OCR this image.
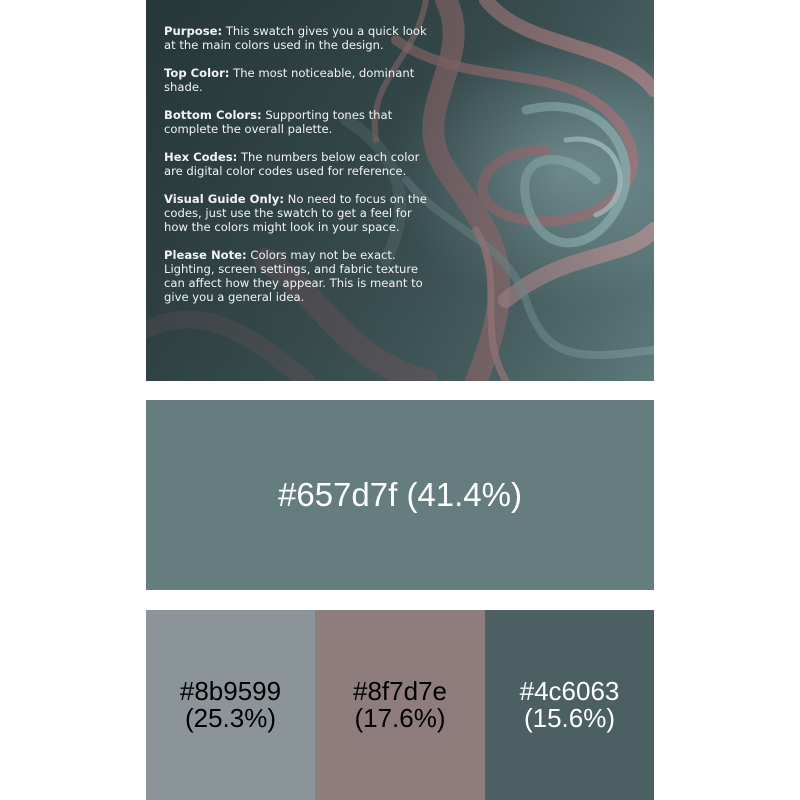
Purpose: This swatch gives you a quick look at the main colors used in the design.

Top Color: The most noticeable, dominant shade.

Bottom Colors: Supporting tones that complete the overall palette.

Hex Codes: The numbers below each color are digital color codes used for reference.

Visual Guide Only: No need to focus on the codes, just use the swatch to get a feel for how the colors might look in your space.

Please Note: Colors may not be exact. Lighting, screen settings, and fabric texture can affect how they appear. This is meant to give you a general idea.

#657d7f (41.4%)
#8b9599
(25.3%)
#8f7d7e
(17.6%)
#4c6063
(15.6%)
